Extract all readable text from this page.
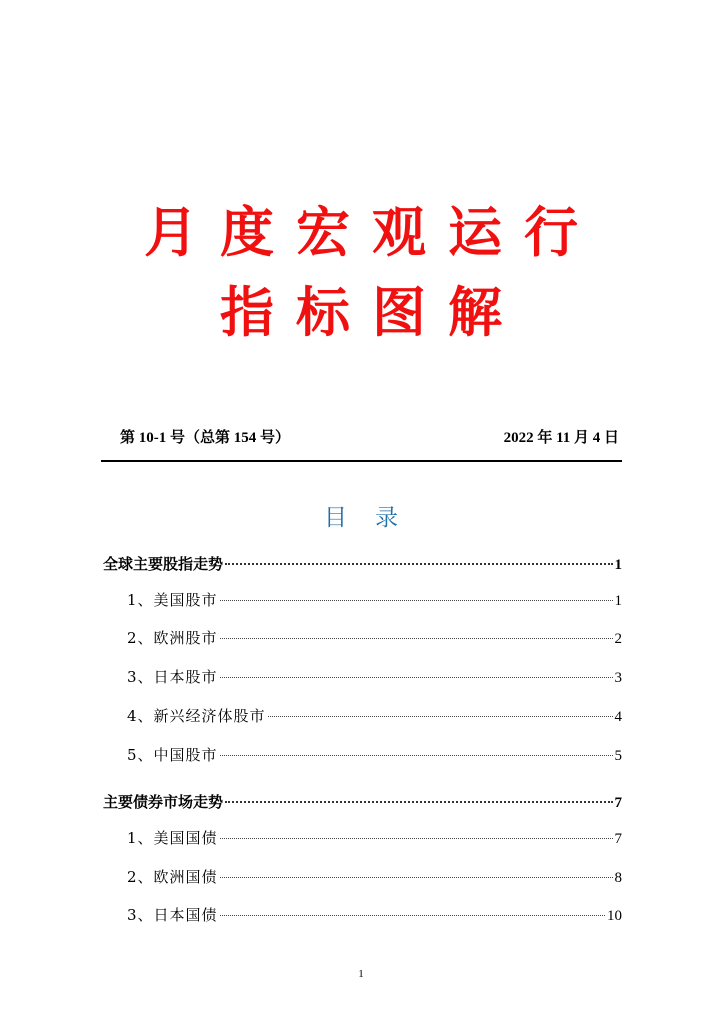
月度宏观运行
指标图解
第 10-1 号（总第 154 号）	2022 年 11 月 4 日
目录
全球主要股指走势	1
1、美国股市	1
2、欧洲股市	2
3、日本股市	3
4、新兴经济体股市	4
5、中国股市	5
主要债券市场走势	7
1、美国国债	7
2、欧洲国债	8
3、日本国债	10
1
